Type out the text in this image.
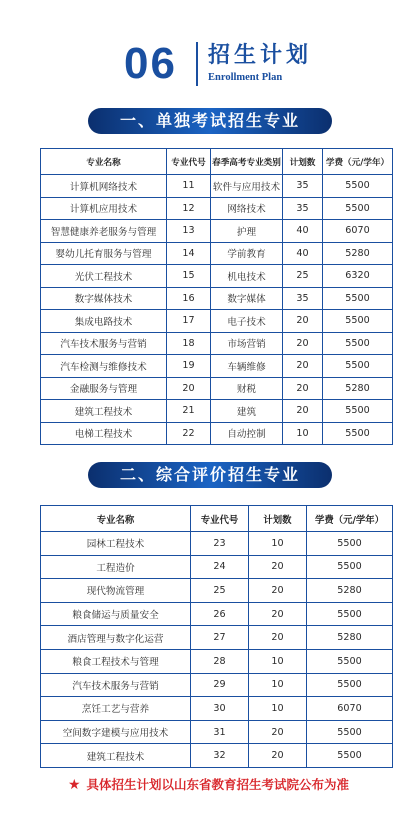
06 招生计划
Enrollment Plan
一、单独考试招生专业
专业名称	专业代号	春季高考专业类别	计划数	学费（元/学年）
计算机网络技术	11	软件与应用技术	35	5500
计算机应用技术	12	网络技术	35	5500
智慧健康养老服务与管理	13	护理	40	6070
婴幼儿托育服务与管理	14	学前教育	40	5280
光伏工程技术	15	机电技术	25	6320
数字媒体技术	16	数字媒体	35	5500
集成电路技术	17	电子技术	20	5500
汽车技术服务与营销	18	市场营销	20	5500
汽车检测与维修技术	19	车辆维修	20	5500
金融服务与管理	20	财税	20	5280
建筑工程技术	21	建筑	20	5500
电梯工程技术	22	自动控制	10	5500
二、综合评价招生专业
专业名称	专业代号	计划数	学费（元/学年）
园林工程技术	23	10	5500
工程造价	24	20	5500
现代物流管理	25	20	5280
粮食储运与质量安全	26	20	5500
酒店管理与数字化运营	27	20	5280
粮食工程技术与管理	28	10	5500
汽车技术服务与营销	29	10	5500
烹饪工艺与营养	30	10	6070
空间数字建模与应用技术	31	20	5500
建筑工程技术	32	20	5500
★ 具体招生计划以山东省教育招生考试院公布为准
